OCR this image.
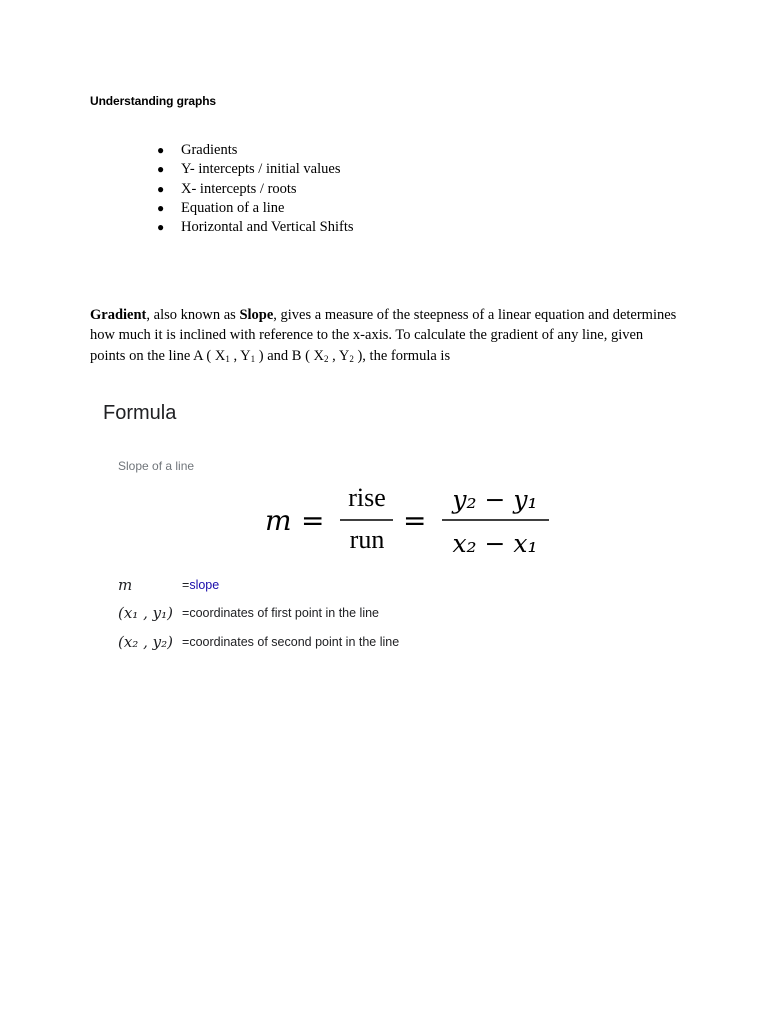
Understanding graphs
● Gradients
● Y- intercepts / initial values
● X- intercepts / roots
● Equation of a line
● Horizontal and Vertical Shifts

Gradient, also known as Slope, gives a measure of the steepness of a linear equation and determines how much it is inclined with reference to the x-axis. To calculate the gradient of any line, given points on the line A ( $X_1$ , $Y_1$ ) and B ( $X_2$ , $Y_2$ ), the formula is

Formula
Slope of a line
m =
rise
run
=
y₂ − y₁
x₂ − x₁
m	= slope
(x₁ , y₁) = coordinates of first point in the line
(x₂ , y₂) = coordinates of second point in the line
